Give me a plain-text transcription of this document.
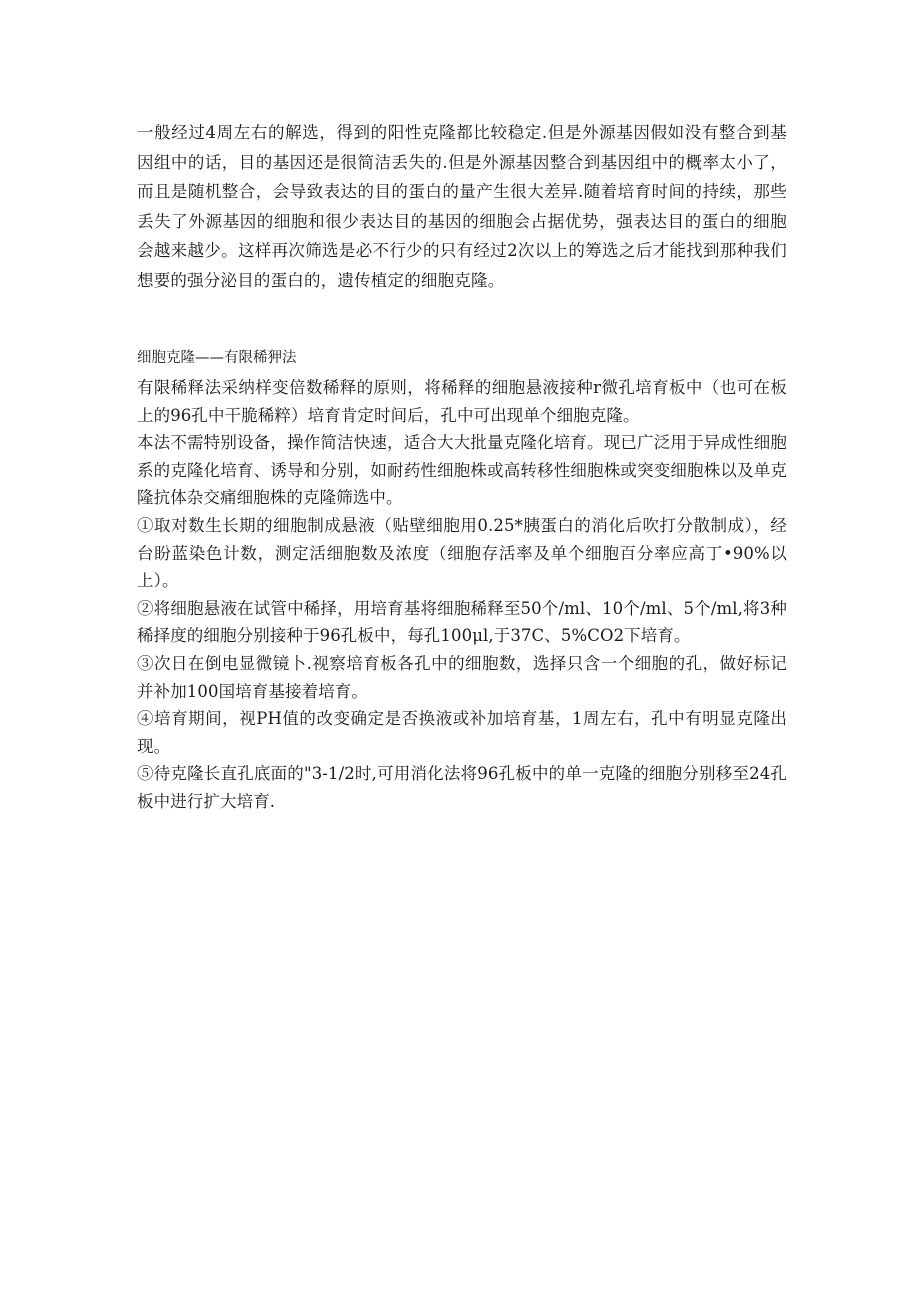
一般经过4周左右的解选，得到的阳性克隆都比较稳定.但是外源基因假如没有整合到基因组中的话，目的基因还是很简洁丢失的.但是外源基因整合到基因组中的概率太小了，而且是随机整合，会导致表达的目的蛋白的量产生很大差异.随着培育时间的持续，那些丢失了外源基因的细胞和很少表达目的基因的细胞会占据优势，强表达目的蛋白的细胞会越来越少。这样再次筛选是必不行少的只有经过2次以上的筹选之后才能找到那种我们想要的强分泌目的蛋白的，遗传植定的细胞克隆。

细胞克隆——有限稀狎法

有限稀释法采纳样变倍数稀释的原则，将稀释的细胞悬液接种r微孔培育板中（也可在板上的96孔中干脆稀粹）培育肯定时间后，孔中可出现单个细胞克隆。

本法不需特别设备，操作简洁快速，适合大大批量克隆化培育。现已广泛用于异成性细胞系的克隆化培育、诱导和分别，如耐药性细胞株或高转移性细胞株或突变细胞株以及单克隆抗体杂交痛细胞株的克隆筛选中。

①取对数生长期的细胞制成悬液（贴壁细胞用0.25*胰蛋白的消化后吹打分散制成），经台盼蓝染色计数，测定活细胞数及浓度（细胞存活率及单个细胞百分率应高丁•90%以上）。

②将细胞悬液在试管中稀择，用培育基将细胞稀释至50个/ml、10个/ml、5个/ml,将3种稀择度的细胞分别接种于96孔板中，每孔100μl,于37C、5%CO2下培育。

③次日在倒电显微镜卜.视察培育板各孔中的细胞数，选择只含一个细胞的孔，做好标记并补加100国培育基接着培育。

④培育期间，视PH值的改变确定是否换液或补加培育基，1周左右，孔中有明显克隆出现。

⑤待克隆长直孔底面的"3-1/2时,可用消化法将96孔板中的单一克隆的细胞分别移至24孔板中进行扩大培育.
